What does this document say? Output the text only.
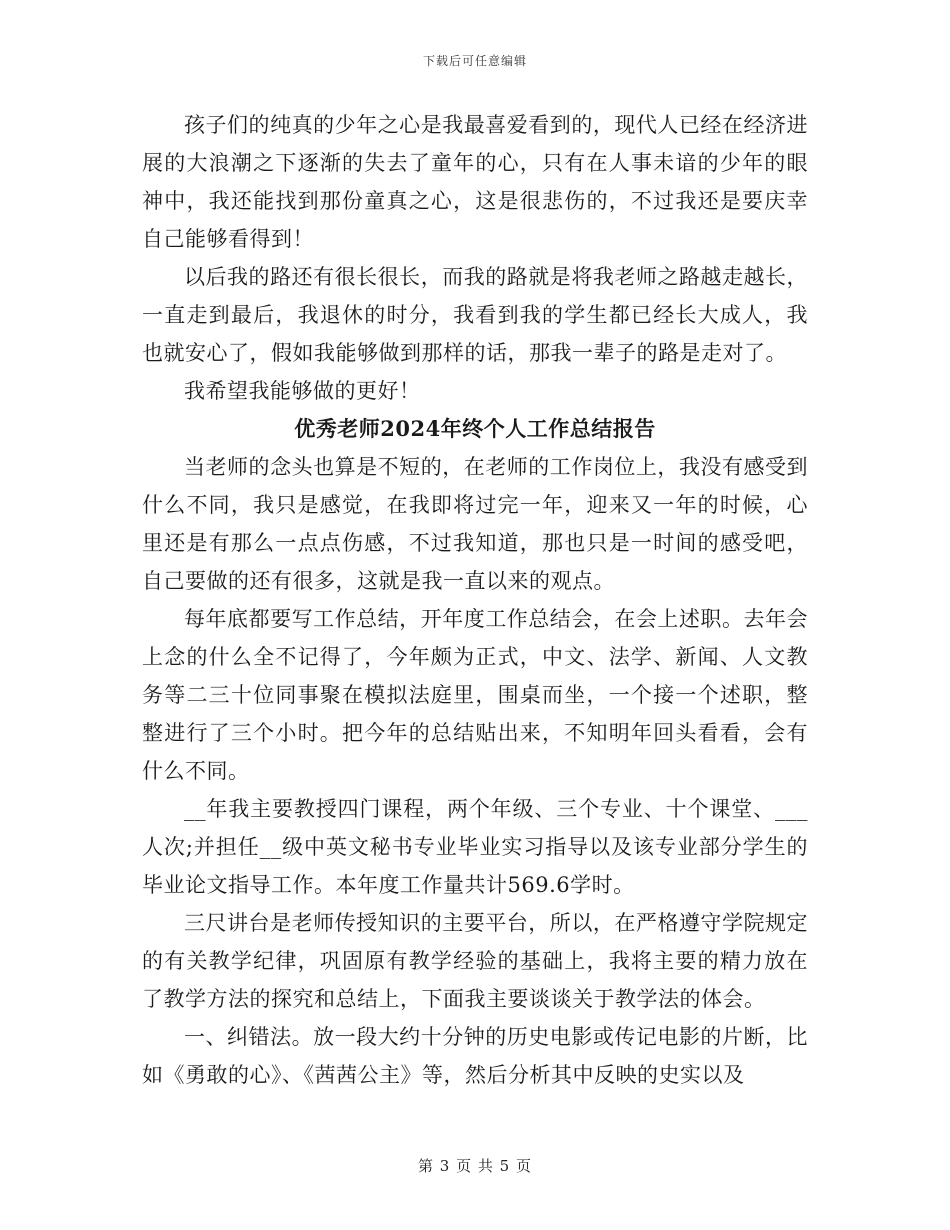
下载后可任意编辑

孩子们的纯真的少年之心是我最喜爱看到的，现代人已经在经济进展的大浪潮之下逐渐的失去了童年的心，只有在人事未谙的少年的眼神中，我还能找到那份童真之心，这是很悲伤的，不过我还是要庆幸自己能够看得到！

以后我的路还有很长很长，而我的路就是将我老师之路越走越长，一直走到最后，我退休的时分，我看到我的学生都已经长大成人，我也就安心了，假如我能够做到那样的话，那我一辈子的路是走对了。

我希望我能够做的更好！

优秀老师2024年终个人工作总结报告

当老师的念头也算是不短的，在老师的工作岗位上，我没有感受到什么不同，我只是感觉，在我即将过完一年，迎来又一年的时候，心里还是有那么一点点伤感，不过我知道，那也只是一时间的感受吧，自己要做的还有很多，这就是我一直以来的观点。

每年底都要写工作总结，开年度工作总结会，在会上述职。去年会上念的什么全不记得了，今年颇为正式，中文、法学、新闻、人文教务等二三十位同事聚在模拟法庭里，围桌而坐，一个接一个述职，整整进行了三个小时。把今年的总结贴出来，不知明年回头看看，会有什么不同。

__年我主要教授四门课程，两个年级、三个专业、十个课堂、___人次;并担任__级中英文秘书专业毕业实习指导以及该专业部分学生的毕业论文指导工作。本年度工作量共计569.6学时。

三尺讲台是老师传授知识的主要平台，所以，在严格遵守学院规定的有关教学纪律，巩固原有教学经验的基础上，我将主要的精力放在了教学方法的探究和总结上，下面我主要谈谈关于教学法的体会。

一、纠错法。放一段大约十分钟的历史电影或传记电影的片断，比如《勇敢的心》、《茜茜公主》等，然后分析其中反映的史实以及

第 3 页 共 5 页
